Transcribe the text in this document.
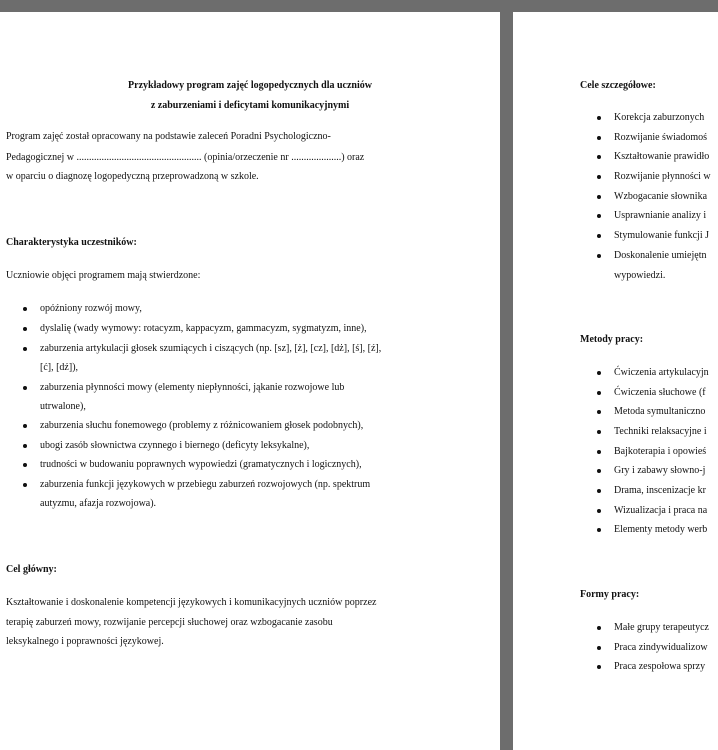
Przykładowy program zajęć logopedycznych dla uczniów
z zaburzeniami i deficytami komunikacyjnymi
Program zajęć został opracowany na podstawie zaleceń Poradni Psychologiczno-
Pedagogicznej w .................................................. (opinia/orzeczenie nr ....................) oraz
w oparciu o diagnozę logopedyczną przeprowadzoną w szkole.
Charakterystyka uczestników:
Uczniowie objęci programem mają stwierdzone:
opóźniony rozwój mowy,
dyslalię (wady wymowy: rotacyzm, kappacyzm, gammacyzm, sygmatyzm, inne),
zaburzenia artykulacji głosek szumiących i ciszących (np. [sz], [ż], [cz], [dż], [ś], [ź],
[ć], [dź]),
zaburzenia płynności mowy (elementy niepłynności, jąkanie rozwojowe lub
utrwalone),
zaburzenia słuchu fonemowego (problemy z różnicowaniem głosek podobnych),
ubogi zasób słownictwa czynnego i biernego (deficyty leksykalne),
trudności w budowaniu poprawnych wypowiedzi (gramatycznych i logicznych),
zaburzenia funkcji językowych w przebiegu zaburzeń rozwojowych (np. spektrum
autyzmu, afazja rozwojowa).
Cel główny:
Kształtowanie i doskonalenie kompetencji językowych i komunikacyjnych uczniów poprzez
terapię zaburzeń mowy, rozwijanie percepcji słuchowej oraz wzbogacanie zasobu
leksykalnego i poprawności językowej.
Cele szczegółowe:
Korekcja zaburzonych
Rozwijanie świadomoś
Kształtowanie prawidło
Rozwijanie płynności w
Wzbogacanie słownika
Usprawnianie analizy i
Stymulowanie funkcji J
Doskonalenie umiejętn
wypowiedzi.
Metody pracy:
Ćwiczenia artykulacyjn
Ćwiczenia słuchowe (f
Metoda symultaniczno
Techniki relaksacyjne i
Bajkoterapia i opowieś
Gry i zabawy słowno-j
Drama, inscenizacje kr
Wizualizacja i praca na
Elementy metody werb
Formy pracy:
Małe grupy terapeutycz
Praca zindywidualizow
Praca zespołowa sprzy
